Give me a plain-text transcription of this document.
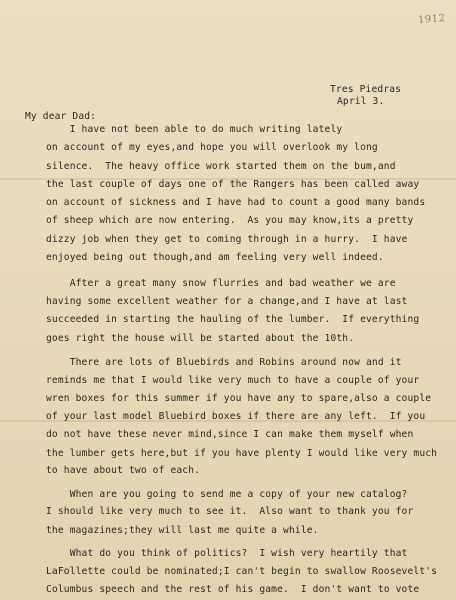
1912
Tres Piedras
April 3.
My dear Dad:
I have not been able to do much writing lately
on account of my eyes,and hope you will overlook my long
silence.  The heavy office work started them on the bum,and
the last couple of days one of the Rangers has been called away
on account of sickness and I have had to count a good many bands
of sheep which are now entering.  As you may know,its a pretty
dizzy job when they get to coming through in a hurry.  I have
enjoyed being out though,and am feeling very well indeed.
After a great many snow flurries and bad weather we are
having some excellent weather for a change,and I have at last
succeeded in starting the hauling of the lumber.  If everything
goes right the house will be started about the 10th.
There are lots of Bluebirds and Robins around now and it
reminds me that I would like very much to have a couple of your
wren boxes for this summer if you have any to spare,also a couple
of your last model Bluebird boxes if there are any left.  If you
do not have these never mind,since I can make them myself when
the lumber gets here,but if you have plenty I would like very much
to have about two of each.
When are you going to send me a copy of your new catalog?
I should like very much to see it.  Also want to thank you for
the magazines;they will last me quite a while.
What do you think of politics?  I wish very heartily that
LaFollette could be nominated;I can't begin to swallow Roosevelt's
Columbus speech and the rest of his game.  I don't want to vote
